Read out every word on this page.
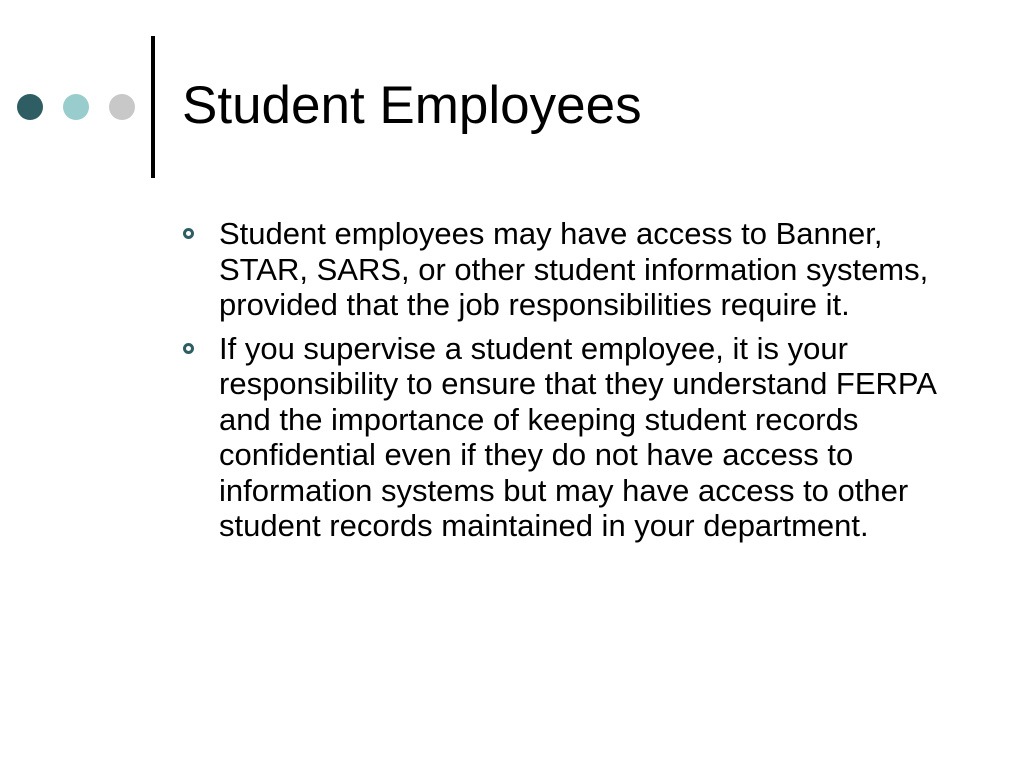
Student Employees
Student employees may have access to Banner, STAR, SARS, or other student information systems, provided that the job responsibilities require it.
If you supervise a student employee, it is your responsibility to ensure that they understand FERPA and the importance of keeping student records confidential even if they do not have access to information systems but may have access to other student records maintained in your department.
